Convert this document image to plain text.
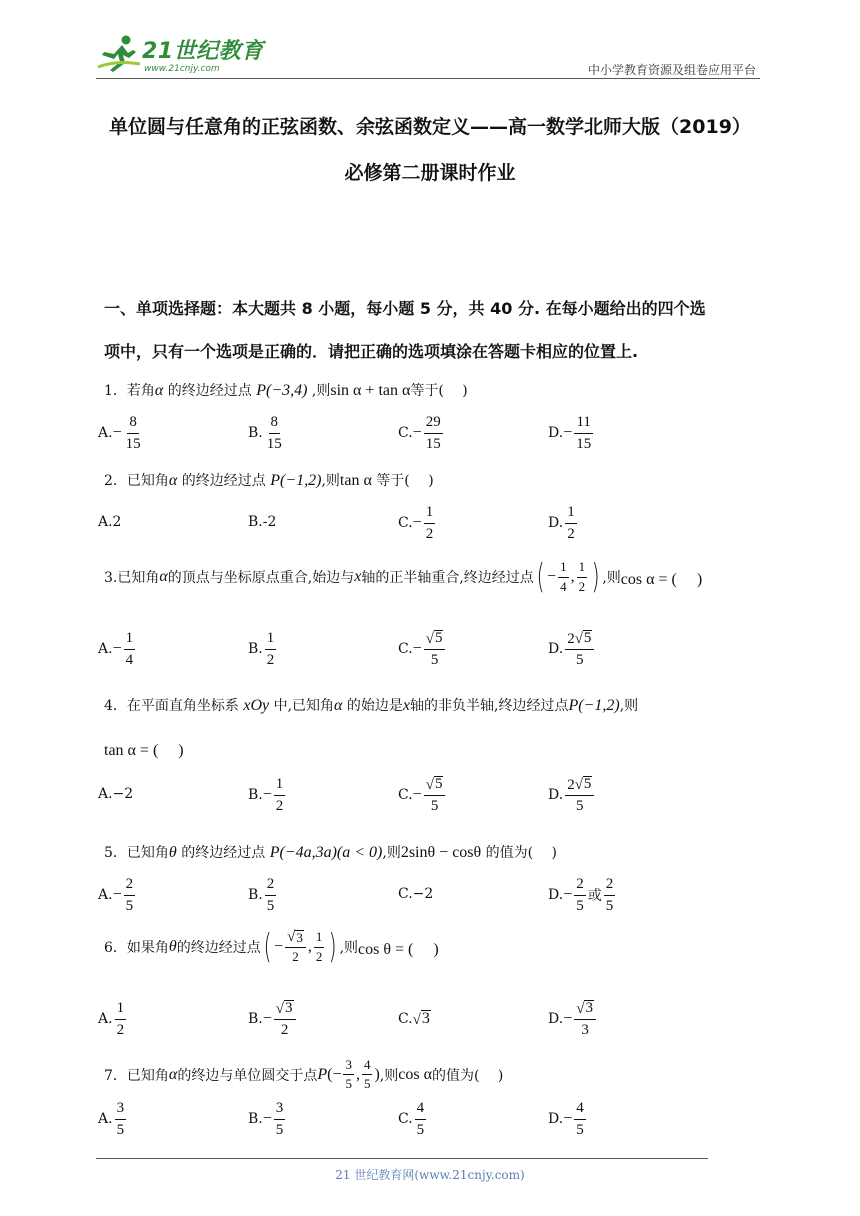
21世纪教育
www.21cnjy.com	中小学教育资源及组卷应用平台
单位圆与任意角的正弦函数、余弦函数定义——高一数学北师大版（2019）
必修第二册课时作业
一、单项选择题：本大题共 8 小题，每小题 5 分，共 40 分. 在每小题给出的四个选
项中，只有一个选项是正确的．请把正确的选项填涂在答题卡相应的位置上.
1．若角α 的终边经过点 P(−3,4) ,则sin α + tan α等于(　 )
A. − $\frac{8}{15}$	B. $\frac{8}{15}$	C. − $\frac{29}{15}$	D. − $\frac{11}{15}$
2．已知角α 的终边经过点 P(−1,2),则tan α 等于(　 )
A.2	B.-2	C. − $\frac{1}{2}$	D. $\frac{1}{2}$
3.已知角 α 的顶点与坐标原点重合,始边与 x 轴的正半轴重合,终边经过点 ( − $\frac{1}{4}$ , $\frac{1}{2}$ ) ,则 cos α = (　 )
A. − $\frac{1}{4}$	B. $\frac{1}{2}$	C. − $\frac{√ 5}{5}$	D. $\frac{2 √ 5}{5}$
4．在平面直角坐标系 xOy 中,已知角α 的始边是x轴的非负半轴,终边经过点P(−1,2),则
tan α = (　 )
A.−2	B. − $\frac{1}{2}$	C. − $\frac{√ 5}{5}$	D. $\frac{2 √ 5}{5}$
5．已知角θ 的终边经过点 P(−4a,3a)(a < 0),则2sinθ − cosθ 的值为(　 )
A. − $\frac{2}{5}$	B. $\frac{2}{5}$	C.−2	D. − $\frac{2}{5}$ 或 $\frac{2}{5}$
6．如果角 θ 的终边经过点 ( − $\frac{√ 3}{2}$ , $\frac{1}{2}$ ) ,则 cos θ = (　 )
A. $\frac{1}{2}$	B. − $\frac{√ 3}{2}$	C. √ 3	D. − $\frac{√ 3}{3}$
7．已知角 α 的终边与单位圆交于点 P ( − $\frac{3}{5}$ , $\frac{4}{5}$ ) ,则 cos α 的值为(　 )
A. $\frac{3}{5}$	B. − $\frac{3}{5}$	C. $\frac{4}{5}$	D. − $\frac{4}{5}$
21 世纪教育网(www.21cnjy.com)
